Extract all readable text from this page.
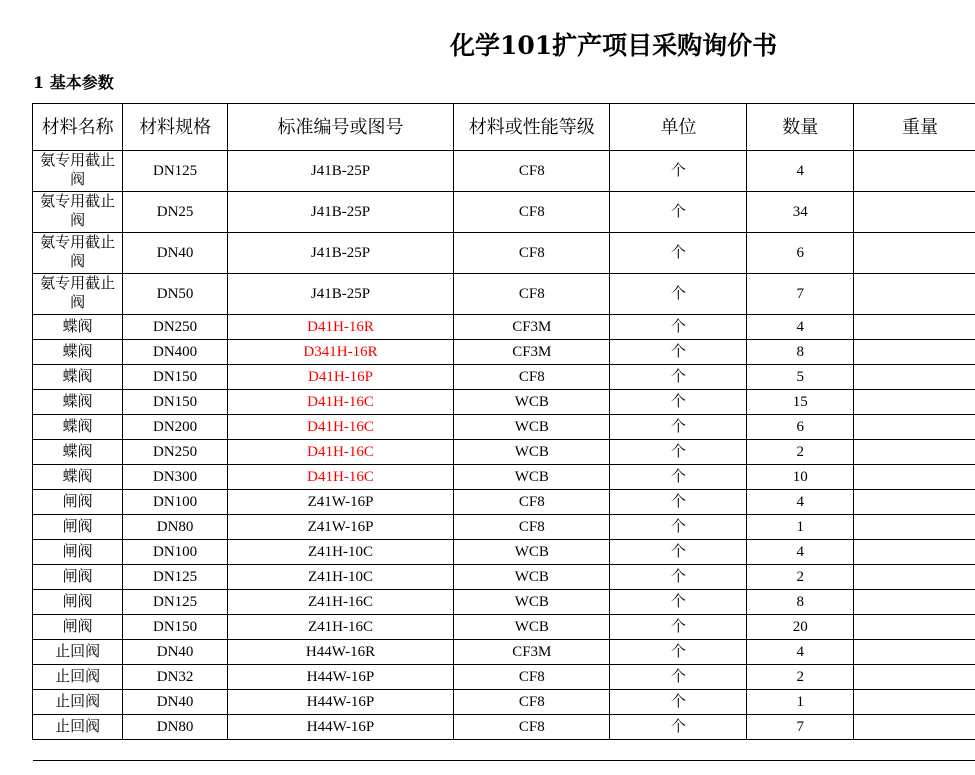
化学101扩产项目采购询价书
1 基本参数
材料名称	材料规格	标准编号或图号	材料或性能等级	单位	数量	重量
氨专用截止阀	DN125	J41B-25P	CF8	个	4	
氨专用截止阀	DN25	J41B-25P	CF8	个	34	
氨专用截止阀	DN40	J41B-25P	CF8	个	6	
氨专用截止阀	DN50	J41B-25P	CF8	个	7	
蝶阀	DN250	D41H-16R	CF3M	个	4	
蝶阀	DN400	D341H-16R	CF3M	个	8	
蝶阀	DN150	D41H-16P	CF8	个	5	
蝶阀	DN150	D41H-16C	WCB	个	15	
蝶阀	DN200	D41H-16C	WCB	个	6	
蝶阀	DN250	D41H-16C	WCB	个	2	
蝶阀	DN300	D41H-16C	WCB	个	10	
闸阀	DN100	Z41W-16P	CF8	个	4	
闸阀	DN80	Z41W-16P	CF8	个	1	
闸阀	DN100	Z41H-10C	WCB	个	4	
闸阀	DN125	Z41H-10C	WCB	个	2	
闸阀	DN125	Z41H-16C	WCB	个	8	
闸阀	DN150	Z41H-16C	WCB	个	20	
止回阀	DN40	H44W-16R	CF3M	个	4	
止回阀	DN32	H44W-16P	CF8	个	2	
止回阀	DN40	H44W-16P	CF8	个	1	
止回阀	DN80	H44W-16P	CF8	个	7	
